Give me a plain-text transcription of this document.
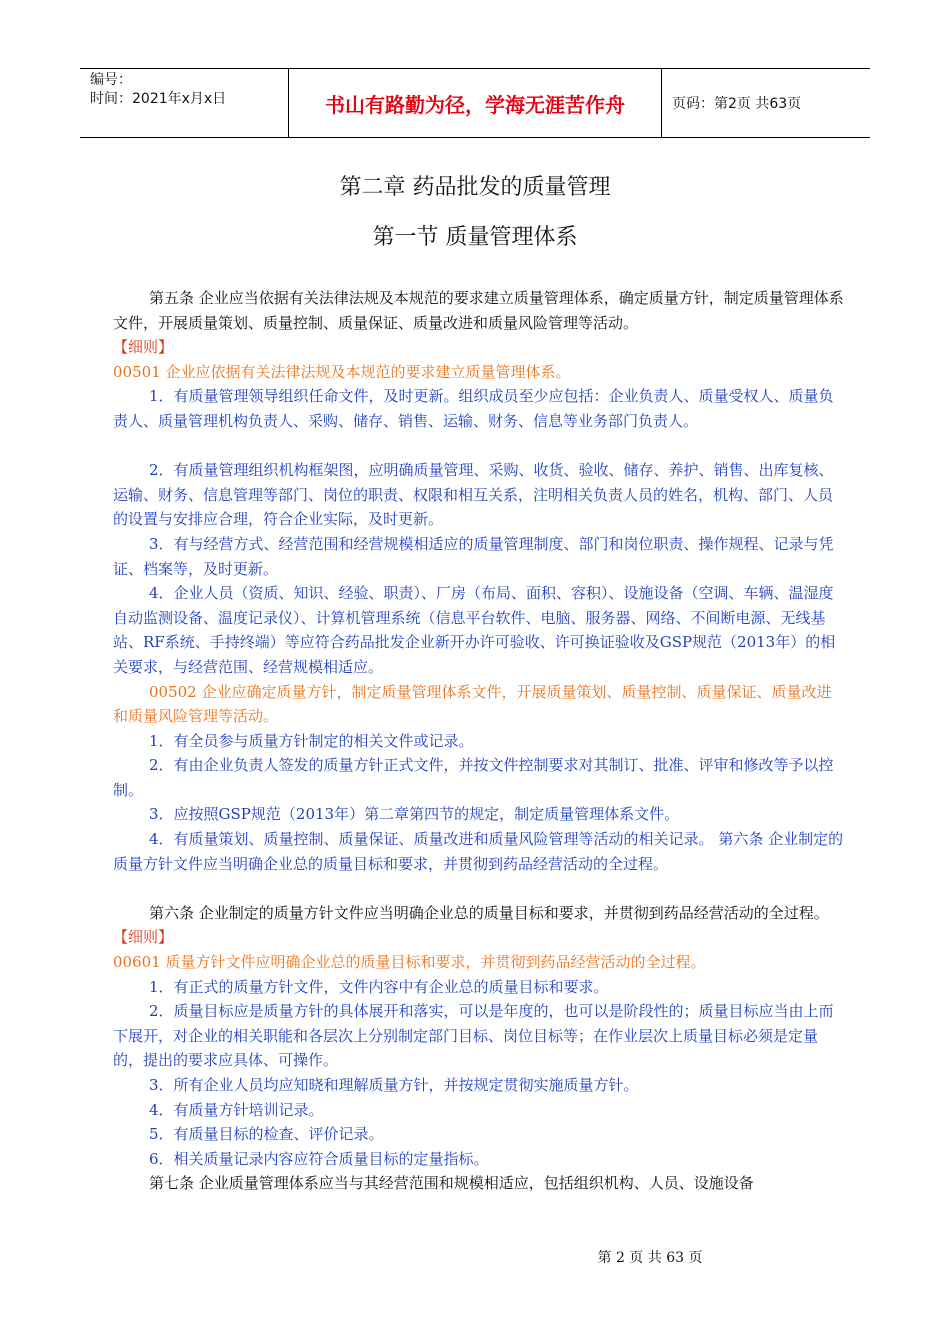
编号：
时间：2021年x月x日	书山有路勤为径，学海无涯苦作舟	页码：第2页 共63页
第二章 药品批发的质量管理
第一节 质量管理体系

第五条 企业应当依据有关法律法规及本规范的要求建立质量管理体系，确定质量方针，制定质量管理体系文件，开展质量策划、质量控制、质量保证、质量改进和质量风险管理等活动。

【细则】

00501 企业应依据有关法律法规及本规范的要求建立质量管理体系。

1．有质量管理领导组织任命文件，及时更新。组织成员至少应包括：企业负责人、质量受权人、质量负责人、质量管理机构负责人、采购、储存、销售、运输、财务、信息等业务部门负责人。

2．有质量管理组织机构框架图，应明确质量管理、采购、收货、验收、储存、养护、销售、出库复核、运输、财务、信息管理等部门、岗位的职责、权限和相互关系，注明相关负责人员的姓名，机构、部门、人员的设置与安排应合理，符合企业实际，及时更新。

3．有与经营方式、经营范围和经营规模相适应的质量管理制度、部门和岗位职责、操作规程、记录与凭证、档案等，及时更新。

4．企业人员（资质、知识、经验、职责）、厂房（布局、面积、容积）、设施设备（空调、车辆、温湿度自动监测设备、温度记录仪）、计算机管理系统（信息平台软件、电脑、服务器、网络、不间断电源、无线基站、RF系统、手持终端）等应符合药品批发企业新开办许可验收、许可换证验收及GSP规范（2013年）的相关要求，与经营范围、经营规模相适应。

00502 企业应确定质量方针，制定质量管理体系文件，开展质量策划、质量控制、质量保证、质量改进和质量风险管理等活动。

1．有全员参与质量方针制定的相关文件或记录。

2．有由企业负责人签发的质量方针正式文件，并按文件控制要求对其制订、批准、评审和修改等予以控制。

3．应按照GSP规范（2013年）第二章第四节的规定，制定质量管理体系文件。

4．有质量策划、质量控制、质量保证、质量改进和质量风险管理等活动的相关记录。 第六条 企业制定的质量方针文件应当明确企业总的质量目标和要求，并贯彻到药品经营活动的全过程。

第六条 企业制定的质量方针文件应当明确企业总的质量目标和要求，并贯彻到药品经营活动的全过程。

【细则】

00601 质量方针文件应明确企业总的质量目标和要求，并贯彻到药品经营活动的全过程。

1．有正式的质量方针文件，文件内容中有企业总的质量目标和要求。

2．质量目标应是质量方针的具体展开和落实，可以是年度的，也可以是阶段性的；质量目标应当由上而下展开，对企业的相关职能和各层次上分别制定部门目标、岗位目标等；在作业层次上质量目标必须是定量的，提出的要求应具体、可操作。

3．所有企业人员均应知晓和理解质量方针，并按规定贯彻实施质量方针。

4．有质量方针培训记录。

5．有质量目标的检查、评价记录。

6．相关质量记录内容应符合质量目标的定量指标。

第七条 企业质量管理体系应当与其经营范围和规模相适应，包括组织机构、人员、设施设备

第 2 页 共 63 页
